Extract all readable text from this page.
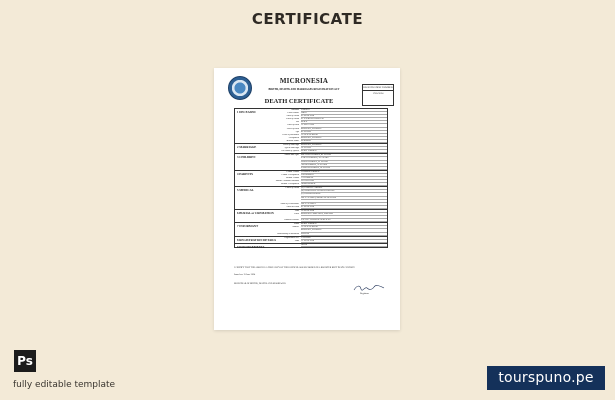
CERTIFICATE
MICRONESIA
BIRTHS, DEATHS AND MARRIAGES REGISTRATION ACT
REGISTRATION NUMBER
1765/2024
DEATH CERTIFICATE
1 DECEASED	Surname O'BRIEN
Given Names JOHN
Date of Death 03 JUNE 2024
Place of Death ST PATRICK HOSPITAL
Sex MALE
Date of Birth 12 JULY 1954
Place of Birth KOLONIA, POHNPEI
Age 69 YEARS
Place of Residence 12 OCEAN ROAD
Occupation KOLONIA, POHNPEI
Marital Status MARRIED
2 MARRIAGE	Place of Marriage KOLONIA, POHNPEI
Age at Marriage 26 YEARS
Full name of Spouse MARY O'BRIEN
3 CHILDREN	Names and Ages MICHAEL O'BRIEN, 42 YEARS
SARAH O'BRIEN, 39 YEARS
DAVID O'BRIEN, 35 YEARS
ANNE O'BRIEN, 31 YEARS
PATRICK O'BRIEN, 28 YEARS
4 PARENTS	Father's name THOMAS O'BRIEN
Father's occupation FISHERMAN
Mother's name CATHERINE
Mother's Maiden Surname LIVINGSTON
Mother's occupation HOMEMAKER
5 MEDICAL	Cause of Death (a) CARDIAC ARREST
(b) CORONARY ARTERY DISEASE
(c) HYPERTENSION
DR. L. NANPEI, MEDICAL OFFICER
Name of Practitioner DR. L. NANPEI
Date last seen 01 JUNE 2024
6 BURIAL or CREMATION	Date 10 JUNE 2024
Place KOLONIA CEMETERY, POHNPEI
Funeral Director PACIFIC FUNERAL SERVICES
7 INFORMANT	Name MARY O'BRIEN
Address 12 OCEAN ROAD
KOLONIA, POHNPEI
Relationship to deceased SPOUSE
8 REGISTRATION DETAILS	Registration No. 1765/2024
Date 12 JUNE 2024
9 ENDORSEMENTS	NONE
I CERTIFY THAT THE ABOVE IS A TRUE COPY OF THE PARTICULARS RECORDED IN A REGISTER KEPT IN MY CUSTODY
Issued on: 15 June 2024
REGISTRAR OF BIRTHS, DEATHS AND MARRIAGES
Registrar
Ps
fully editable template	tourspuno.pe
